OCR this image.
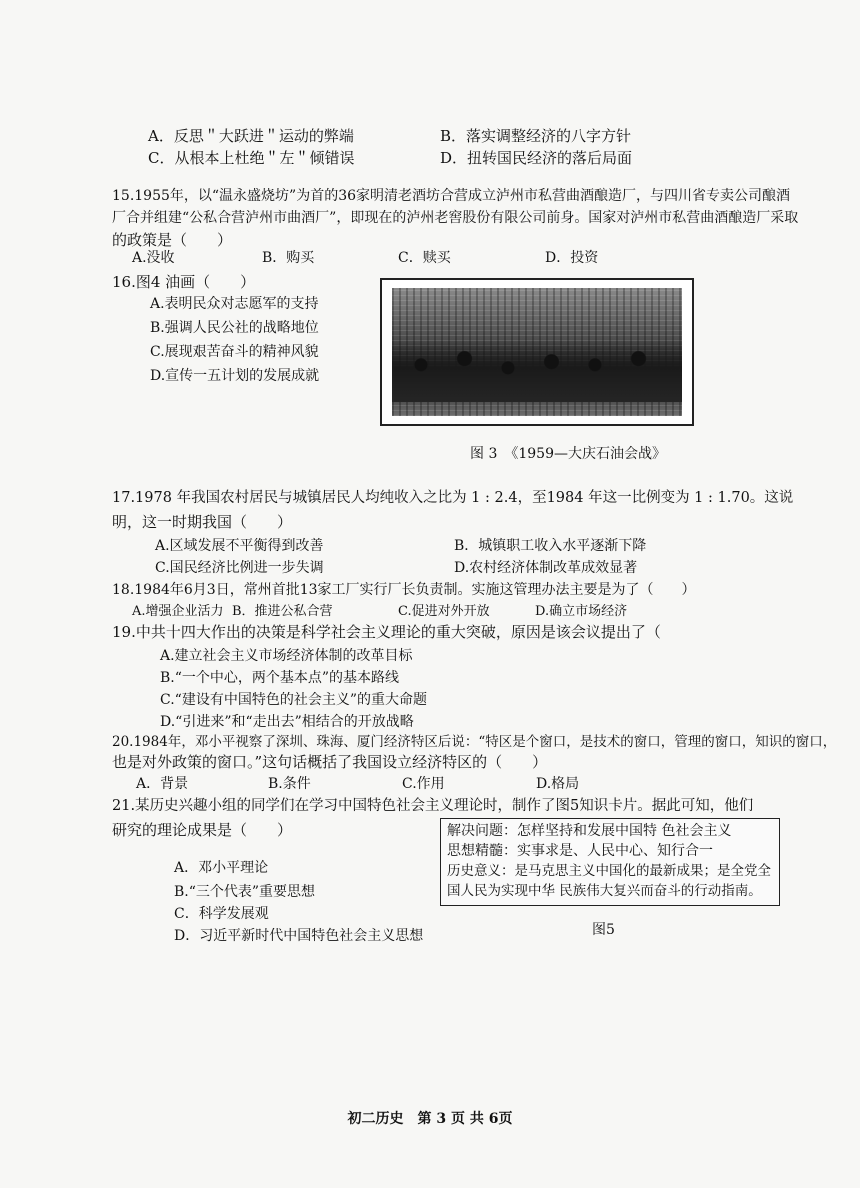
A．反思＂大跃进＂运动的弊端	B．落实调整经济的八字方针
C．从根本上杜绝＂左＂倾错误	D．扭转国民经济的落后局面
15.1955年，以“温永盛烧坊”为首的36家明清老酒坊合营成立泸州市私营曲酒酿造厂，与四川省专卖公司酿酒
厂合并组建“公私合营泸州市曲酒厂”，即现在的泸州老窖股份有限公司前身。国家对泸州市私营曲酒酿造厂采取
的政策是（　　）
A.没收	B．购买	C．赎买	D．投资
16.图4 油画（　　）
A.表明民众对志愿军的支持
B.强调人民公社的战略地位
C.展现艰苦奋斗的精神风貌
D.宣传一五计划的发展成就
图 3　《1959—大庆石油会战》
17.1978 年我国农村居民与城镇居民人均纯收入之比为 1 : 2.4，至1984 年这一比例变为 1 : 1.70。这说
明，这一时期我国（　　）
A.区域发展不平衡得到改善	B．城镇职工收入水平逐渐下降
C.国民经济比例进一步失调	D.农村经济体制改革成效显著
18.1984年6月3日，常州首批13家工厂实行厂长负责制。实施这管理办法主要是为了（　　）
A.增强企业活力 B．推进公私合营	C.促进对外开放	D.确立市场经济
19.中共十四大作出的决策是科学社会主义理论的重大突破，原因是该会议提出了（
A.建立社会主义市场经济体制的改革目标
B.“一个中心，两个基本点”的基本路线
C.“建设有中国特色的社会主义”的重大命题
D.“引进来”和“走出去”相结合的开放战略
20.1984年，邓小平视察了深圳、珠海、厦门经济特区后说：“特区是个窗口，是技术的窗口，管理的窗口，知识的窗口，
也是对外政策的窗口。”这句话概括了我国设立经济特区的（　　）
A．背景	B.条件	C.作用	D.格局
21.某历史兴趣小组的同学们在学习中国特色社会主义理论时，制作了图5知识卡片。据此可知，他们
研究的理论成果是（　　）
A．邓小平理论
B.“三个代表”重要思想
C．科学发展观
D．习近平新时代中国特色社会主义思想
解决问题：怎样坚持和发展中国特 色社会主义
思想精髓：实事求是、人民中心、知行合一
历史意义：是马克思主义中国化的最新成果；是全党全
国人民为实现中华 民族伟大复兴而奋斗的行动指南。
图5
初二历史　第 3 页 共 6页
